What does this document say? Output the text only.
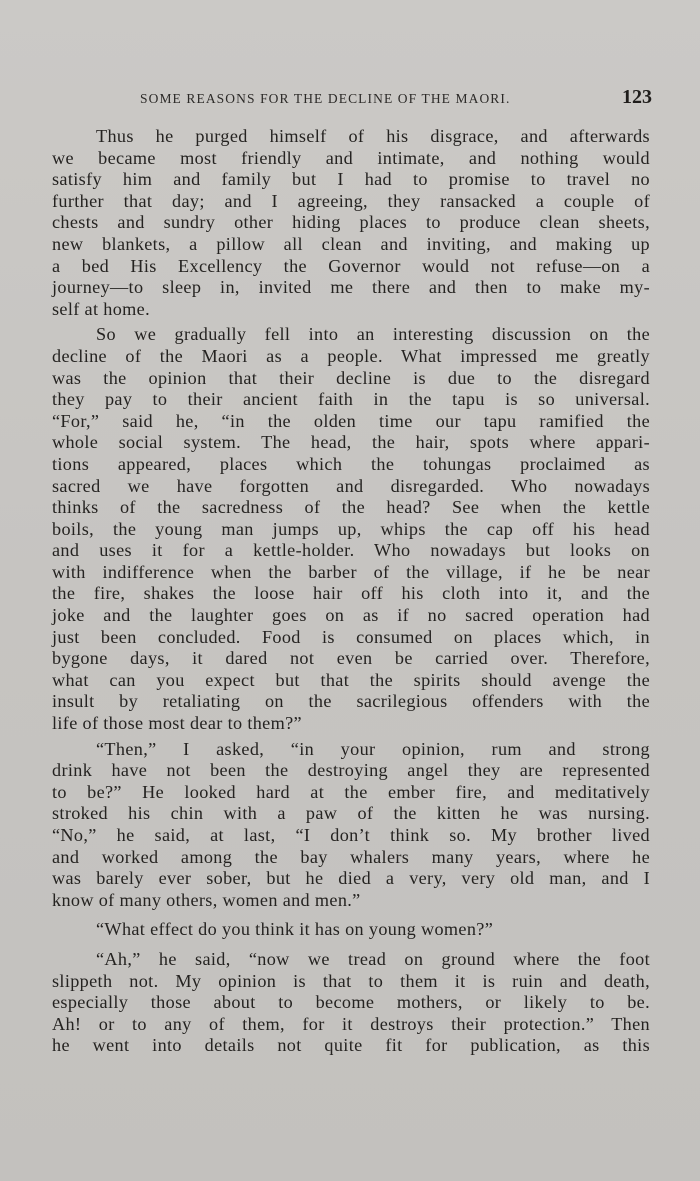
SOME REASONS FOR THE DECLINE OF THE MAORI.	123
Thus he purged himself of his disgrace, and afterwards
we became most friendly and intimate, and nothing would
satisfy him and family but I had to promise to travel no
further that day; and I agreeing, they ransacked a couple of
chests and sundry other hiding places to produce clean sheets,
new blankets, a pillow all clean and inviting, and making up
a bed His Excellency the Governor would not refuse—on a
journey—to sleep in, invited me there and then to make my-
self at home.
So we gradually fell into an interesting discussion on the
decline of the Maori as a people. What impressed me greatly
was the opinion that their decline is due to the disregard
they pay to their ancient faith in the tapu is so universal.
“For,” said he, “in the olden time our tapu ramified the
whole social system. The head, the hair, spots where appari-
tions appeared, places which the tohungas proclaimed as
sacred we have forgotten and disregarded. Who nowadays
thinks of the sacredness of the head? See when the kettle
boils, the young man jumps up, whips the cap off his head
and uses it for a kettle-holder. Who nowadays but looks on
with indifference when the barber of the village, if he be near
the fire, shakes the loose hair off his cloth into it, and the
joke and the laughter goes on as if no sacred operation had
just been concluded. Food is consumed on places which, in
bygone days, it dared not even be carried over. Therefore,
what can you expect but that the spirits should avenge the
insult by retaliating on the sacrilegious offenders with the
life of those most dear to them?”
“Then,” I asked, “in your opinion, rum and strong
drink have not been the destroying angel they are represented
to be?” He looked hard at the ember fire, and meditatively
stroked his chin with a paw of the kitten he was nursing.
“No,” he said, at last, “I don’t think so. My brother lived
and worked among the bay whalers many years, where he
was barely ever sober, but he died a very, very old man, and I
know of many others, women and men.”
“What effect do you think it has on young women?”
“Ah,” he said, “now we tread on ground where the foot
slippeth not. My opinion is that to them it is ruin and death,
especially those about to become mothers, or likely to be.
Ah! or to any of them, for it destroys their protection.” Then
he went into details not quite fit for publication, as this
